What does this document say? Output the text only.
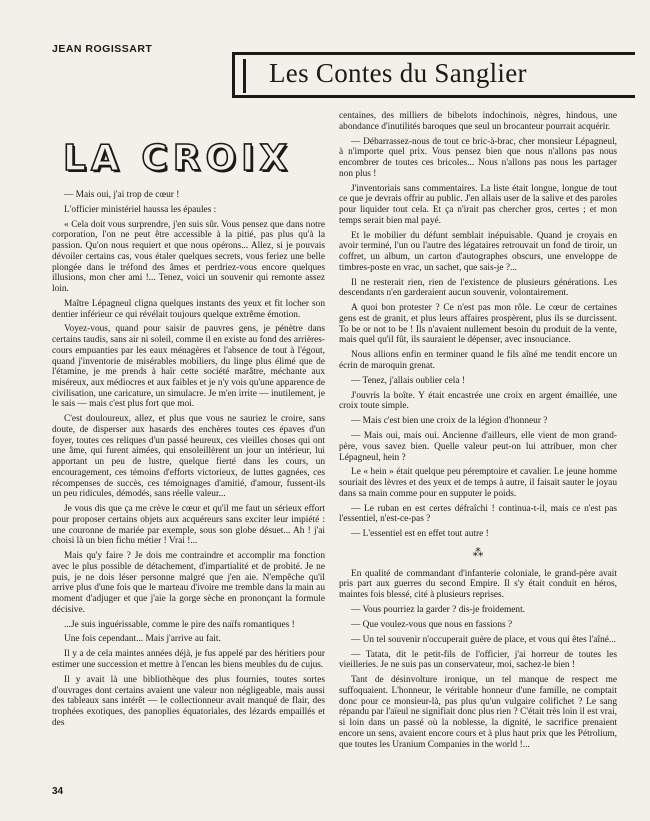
JEAN ROGISSART
Les Contes du Sanglier
LA CROIX

— Mais oui, j'ai trop de cœur !

L'officier ministériel haussa les épaules :

« Cela doit vous surprendre, j'en suis sûr. Vous pensez que dans notre corporation, l'on ne peut être accessible à la pitié, pas plus qu'à la passion. Qu'on nous requiert et que nous opérons... Allez, si je pouvais dévoiler certains cas, vous étaler quelques secrets, vous feriez une belle plongée dans le tréfond des âmes et perdriez-vous encore quelques illusions, mon cher ami !... Tenez, voici un souvenir qui remonte assez loin.

Maître Lépagneul cligna quelques instants des yeux et fit locher son dentier inférieur ce qui révélait toujours quelque extrême émotion.

Voyez-vous, quand pour saisir de pauvres gens, je pénètre dans certains taudis, sans air ni soleil, comme il en existe au fond des arrières-cours empuanties par les eaux ménagères et l'absence de tout à l'égout, quand j'inventorie de misérables mobiliers, du linge plus élimé que de l'étamine, je me prends à haïr cette société marâtre, méchante aux miséreux, aux médiocres et aux faibles et je n'y vois qu'une apparence de civilisation, une caricature, un simulacre. Je m'en irrite — inutilement, je le sais — mais c'est plus fort que moi.

C'est douloureux, allez, et plus que vous ne sauriez le croire, sans doute, de disperser aux hasards des enchères toutes ces épaves d'un foyer, toutes ces reliques d'un passé heureux, ces vieilles choses qui ont une âme, qui furent aimées, qui ensoleillèrent un jour un intérieur, lui apportant un peu de lustre, quelque fierté dans les cours, un encouragement, ces témoins d'efforts victorieux, de luttes gagnées, ces récompenses de succès, ces témoignages d'amitié, d'amour, fussent-ils un peu ridicules, démodés, sans réelle valeur...

Je vous dis que ça me crève le cœur et qu'il me faut un sérieux effort pour proposer certains objets aux acquéreurs sans exciter leur impiété : une couronne de mariée par exemple, sous son globe désuet... Ah ! j'ai choisi là un bien fichu métier ! Vrai !...

Mais qu'y faire ? Je dois me contraindre et accomplir ma fonction avec le plus possible de détachement, d'impartialité et de probité. Je ne puis, je ne dois léser personne malgré que j'en aie. N'empêche qu'il arrive plus d'une fois que le marteau d'ivoire me tremble dans la main au moment d'adjuger et que j'aie la gorge sèche en prononçant la formule décisive.

...Je suis inguérissable, comme le pire des naïfs romantiques !

Une fois cependant... Mais j'arrive au fait.

Il y a de cela maintes années déjà, je fus appelé par des héritiers pour estimer une succession et mettre à l'encan les biens meubles du de cujus.

Il y avait là une bibliothèque des plus fournies, toutes sortes d'ouvrages dont certains avaient une valeur non négligeable, mais aussi des tableaux sans intérêt — le collectionneur avait manqué de flair, des trophées exotiques, des panoplies équatoriales, des lézards empaillés et des

centaines, des milliers de bibelots indochinois, nègres, hindous, une abondance d'inutilités baroques que seul un brocanteur pourrait acquérir.

— Débarrassez-nous de tout ce bric-à-brac, cher monsieur Lépagneul, à n'importe quel prix. Vous pensez bien que nous n'allons pas nous encombrer de toutes ces bricoles... Nous n'allons pas nous les partager non plus !

J'inventoriais sans commentaires. La liste était longue, longue de tout ce que je devrais offrir au public. J'en allais user de la salive et des paroles pour liquider tout cela. Et ça n'irait pas chercher gros, certes ; et mon temps serait bien mal payé.

Et le mobilier du défunt semblait inépuisable. Quand je croyais en avoir terminé, l'un ou l'autre des légataires retrouvait un fond de tiroir, un coffret, un album, un carton d'autographes obscurs, une enveloppe de timbres-poste en vrac, un sachet, que sais-je ?...

Il ne resterait rien, rien de l'existence de plusieurs générations. Les descendants n'en garderaient aucun souvenir, volontairement.

A quoi bon protester ? Ce n'est pas mon rôle. Le cœur de certaines gens est de granit, et plus leurs affaires prospèrent, plus ils se durcissent. To be or not to be ! Ils n'avaient nullement besoin du produit de la vente, mais quel qu'il fût, ils sauraient le dépenser, avec insouciance.

Nous allions enfin en terminer quand le fils aîné me tendit encore un écrin de maroquin grenat.

— Tenez, j'allais oublier cela !

J'ouvris la boîte. Y était encastrée une croix en argent émaillée, une croix toute simple.

— Mais c'est bien une croix de la légion d'honneur ?

— Mais oui, mais oui. Ancienne d'ailleurs, elle vient de mon grand-père, vous savez bien. Quelle valeur peut-on lui attribuer, mon cher Lépagneul, hein ?

Le « hein » était quelque peu péremptoire et cavalier. Le jeune homme souriait des lèvres et des yeux et de temps à autre, il faisait sauter le joyau dans sa main comme pour en supputer le poids.

— Le ruban en est certes défraîchi ! continua-t-il, mais ce n'est pas l'essentiel, n'est-ce-pas ?

— L'essentiel est en effet tout autre !

⁂

En qualité de commandant d'infanterie coloniale, le grand-père avait pris part aux guerres du second Empire. Il s'y était conduit en héros, maintes fois blessé, cité à plusieurs reprises.

— Vous pourriez la garder ? dis-je froidement.

— Que voulez-vous que nous en fassions ?

— Un tel souvenir n'occuperait guère de place, et vous qui êtes l'aîné...

— Tatata, dit le petit-fils de l'officier, j'ai horreur de toutes les vieilleries. Je ne suis pas un conservateur, moi, sachez-le bien !

Tant de désinvolture ironique, un tel manque de respect me suffoquaient. L'honneur, le véritable honneur d'une famille, ne comptait donc pour ce monsieur-là, pas plus qu'un vulgaire colifichet ? Le sang répandu par l'aïeul ne signifiait donc plus rien ? C'était très loin il est vrai, si loin dans un passé où la noblesse, la dignité, le sacrifice prenaient encore un sens, avaient encore cours et à plus haut prix que les Pétrolium, que toutes les Uranium Companies in the world !...

34
